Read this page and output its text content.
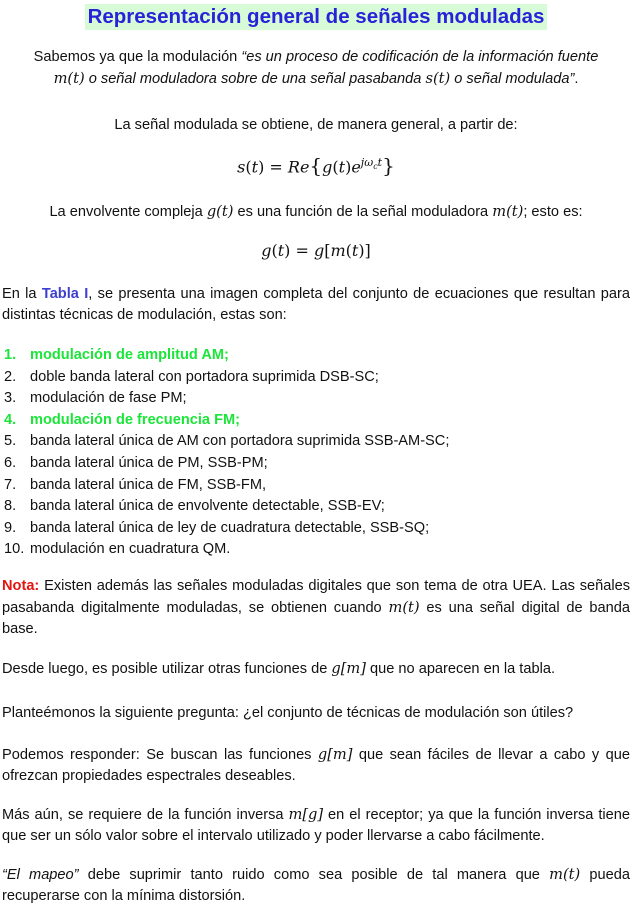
Representación general de señales moduladas
Sabemos ya que la modulación “es un proceso de codificación de la información fuente
m(t) o señal moduladora sobre de una señal pasabanda s(t) o señal modulada”.
La señal modulada se obtiene, de manera general, a partir de:
$s(t) = Re\{g(t)e^{j\omega_ct}\}$
La envolvente compleja g(t) es una función de la señal moduladora m(t); esto es:
g(t) = g[m(t)]
En la Tabla I, se presenta una imagen completa del conjunto de ecuaciones que resultan para distintas técnicas de modulación, estas son:
1. modulación de amplitud AM;
2. doble banda lateral con portadora suprimida DSB-SC;
3. modulación de fase PM;
4. modulación de frecuencia FM;
5. banda lateral única de AM con portadora suprimida SSB-AM-SC;
6. banda lateral única de PM, SSB-PM;
7. banda lateral única de FM, SSB-FM,
8. banda lateral única de envolvente detectable, SSB-EV;
9. banda lateral única de ley de cuadratura detectable, SSB-SQ;
10. modulación en cuadratura QM.
Nota: Existen además las señales moduladas digitales que son tema de otra UEA. Las señales pasabanda digitalmente moduladas, se obtienen cuando m(t) es una señal digital de banda base.
Desde luego, es posible utilizar otras funciones de g[m] que no aparecen en la tabla.
Planteémonos la siguiente pregunta: ¿el conjunto de técnicas de modulación son útiles?
Podemos responder: Se buscan las funciones g[m] que sean fáciles de llevar a cabo y que ofrezcan propiedades espectrales deseables.
Más aún, se requiere de la función inversa m[g] en el receptor; ya que la función inversa tiene que ser un sólo valor sobre el intervalo utilizado y poder llervarse a cabo fácilmente.
“El mapeo” debe suprimir tanto ruido como sea posible de tal manera que m(t) pueda recuperarse con la mínima distorsión.
